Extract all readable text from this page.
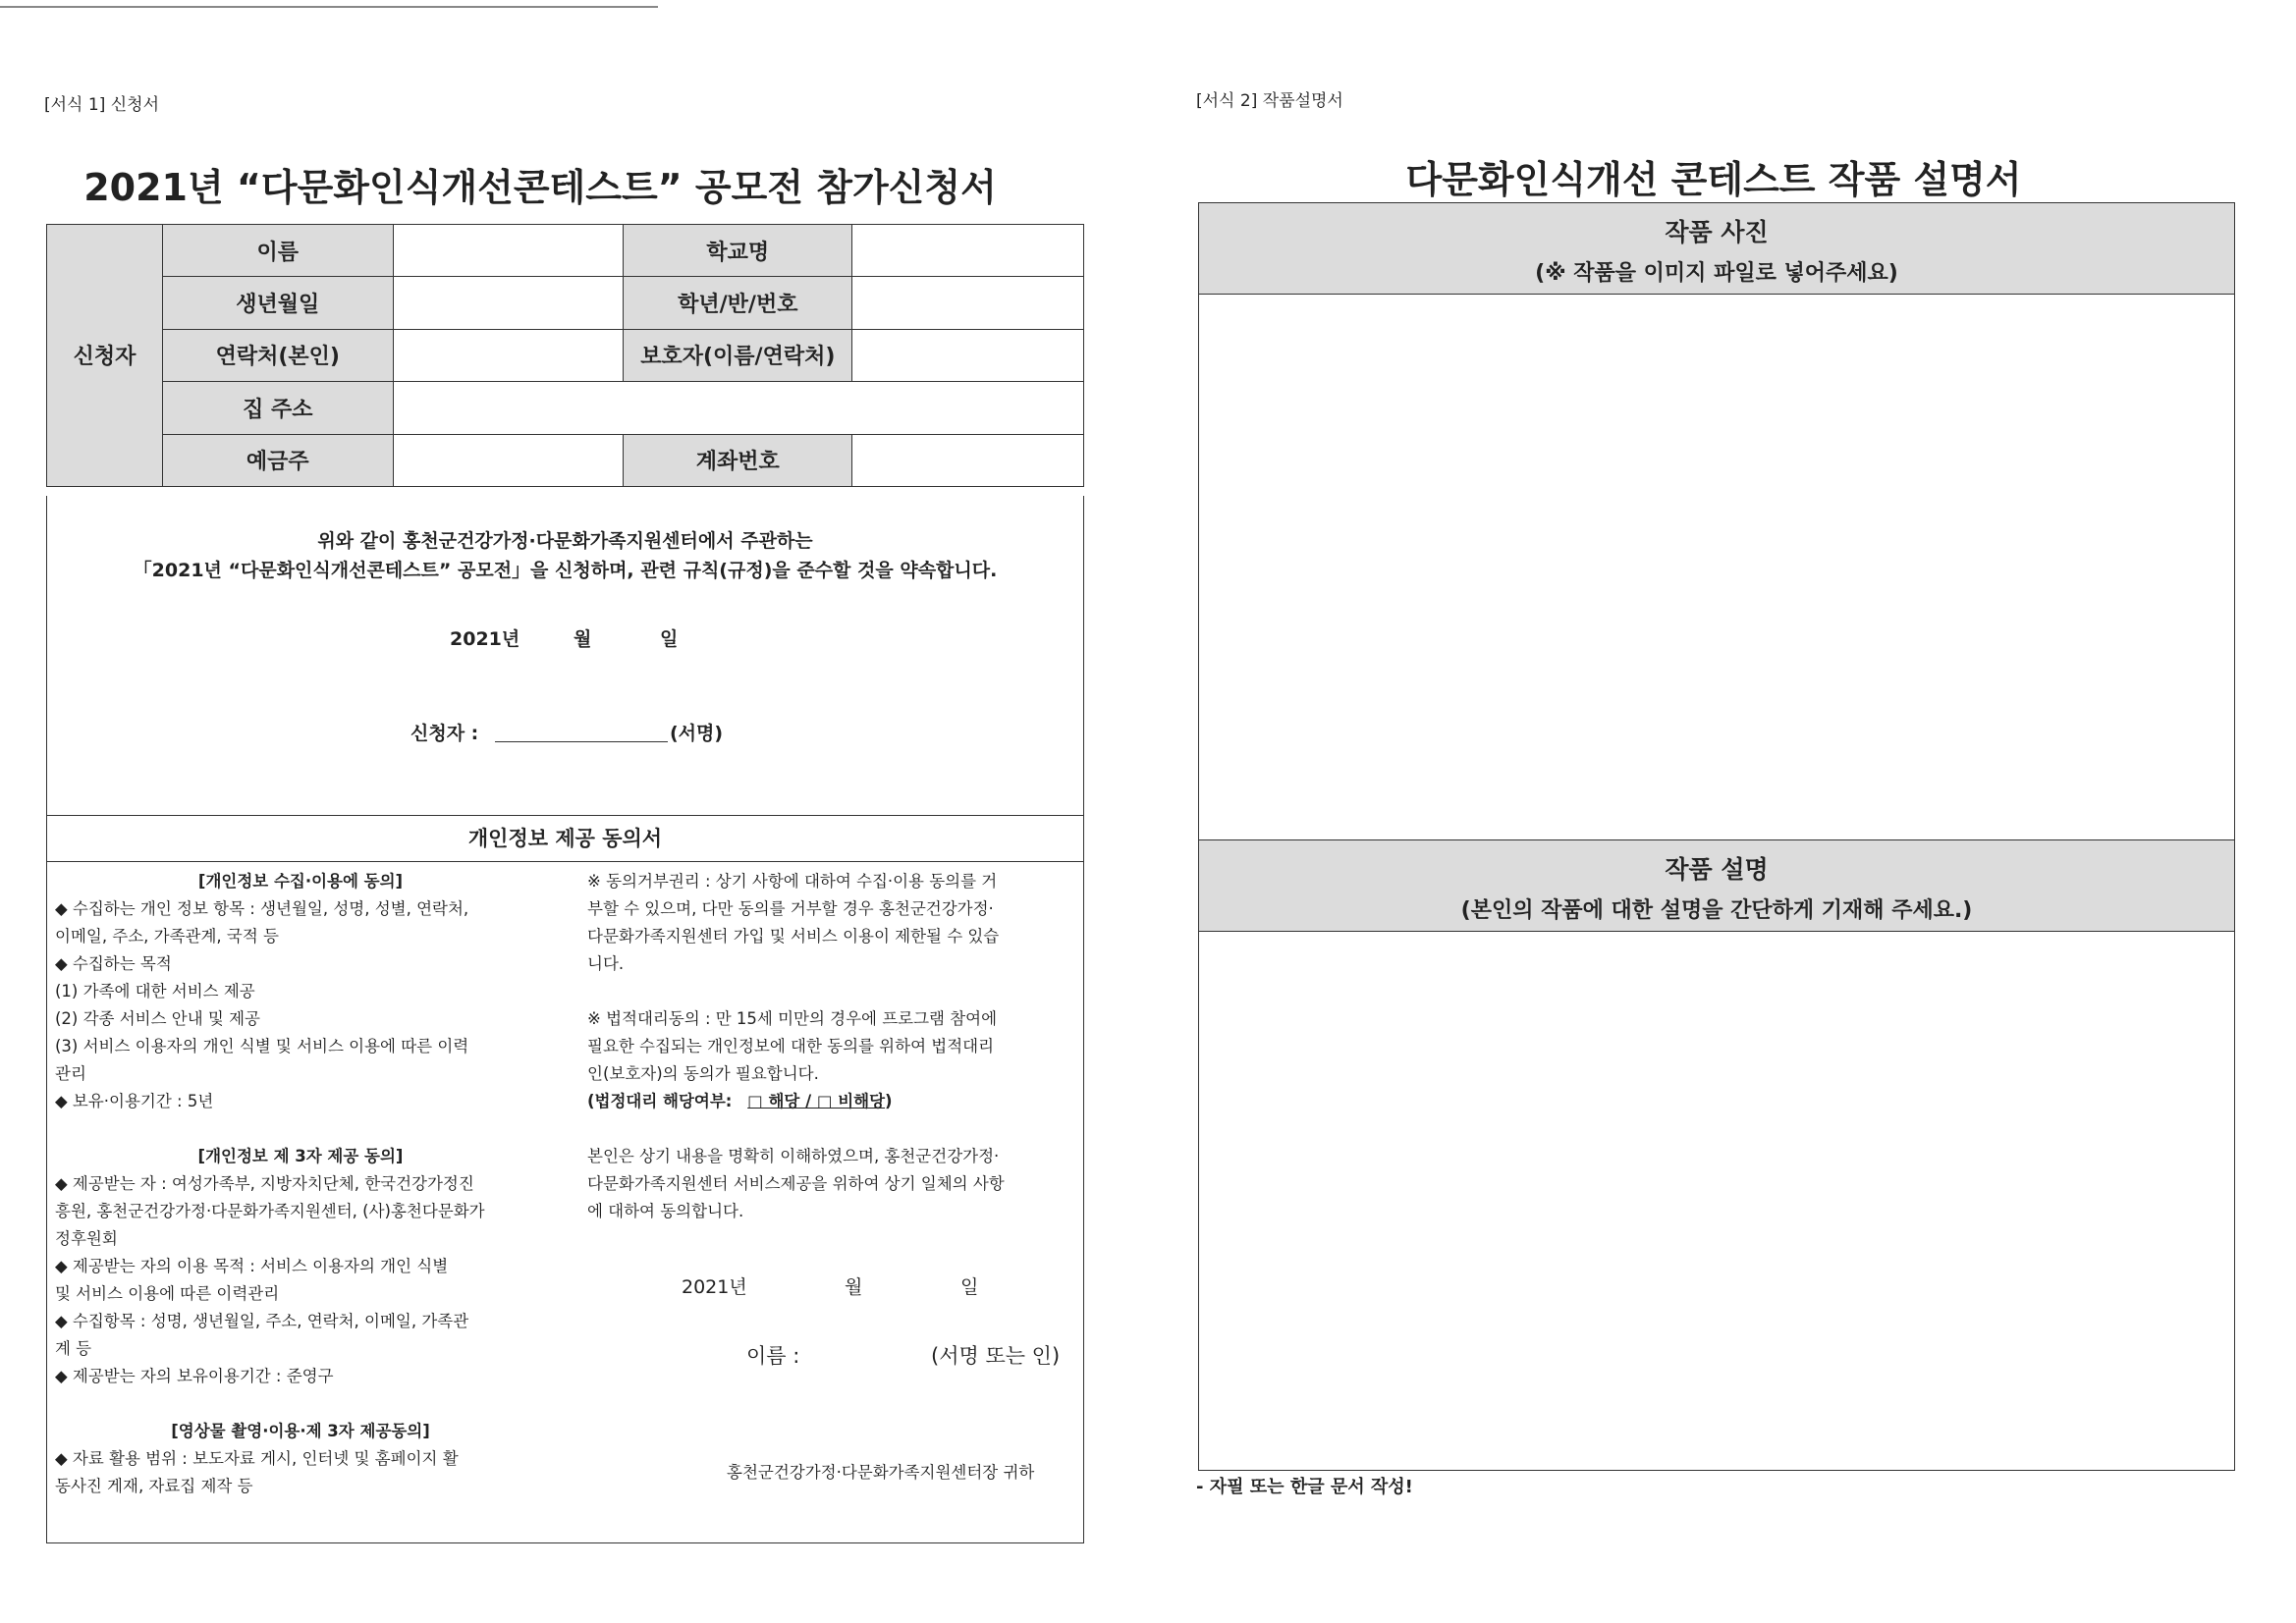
[서식 1] 신청서
2021년 “다문화인식개선콘테스트” 공모전 참가신청서
신청자	이름		학교명	
	생년월일		학년/반/번호	
	연락처(본인)		보호자(이름/연락처)	
	집 주소			
	예금주		계좌번호	
위와 같이 홍천군건강가정·다문화가족지원센터에서 주관하는
「2021년 “다문화인식개선콘테스트” 공모전」을 신청하며, 관련 규칙(규정)을 준수할 것을 약속합니다.
2021년	월	일
신청자 :	(서명)
개인정보 제공 동의서

[개인정보 수집·이용에 동의]

◆ 수집하는 개인 정보 항목 : 생년월일, 성명, 성별, 연락처,

이메일, 주소, 가족관계, 국적 등

◆ 수집하는 목적

(1) 가족에 대한 서비스 제공

(2) 각종 서비스 안내 및 제공

(3) 서비스 이용자의 개인 식별 및 서비스 이용에 따른 이력

관리

◆ 보유·이용기간 : 5년

[개인정보 제 3자 제공 동의]

◆ 제공받는 자 : 여성가족부, 지방자치단체, 한국건강가정진

흥원, 홍천군건강가정·다문화가족지원센터, (사)홍천다문화가

정후원회

◆ 제공받는 자의 이용 목적 : 서비스 이용자의 개인 식별

및 서비스 이용에 따른 이력관리

◆ 수집항목 : 성명, 생년월일, 주소, 연락처, 이메일, 가족관

계 등

◆ 제공받는 자의 보유이용기간 : 준영구

[영상물 촬영·이용·제 3자 제공동의]

◆ 자료 활용 범위 : 보도자료 게시, 인터넷 및 홈페이지 활

동사진 게재, 자료집 제작 등

※ 동의거부권리 : 상기 사항에 대하여 수집·이용 동의를 거

부할 수 있으며, 다만 동의를 거부할 경우 홍천군건강가정·

다문화가족지원센터 가입 및 서비스 이용이 제한될 수 있습

니다.

※ 법적대리동의 : 만 15세 미만의 경우에 프로그램 참여에

필요한 수집되는 개인정보에 대한 동의를 위하여 법적대리

인(보호자)의 동의가 필요합니다.

(법정대리 해당여부: □ 해당 / □ 비해당)

본인은 상기 내용을 명확히 이해하였으며, 홍천군건강가정·

다문화가족지원센터 서비스제공을 위하여 상기 일체의 사항

에 대하여 동의합니다.

2021년	월	일
이름 :	(서명 또는 인)
홍천군건강가정·다문화가족지원센터장 귀하
[서식 2] 작품설명서
다문화인식개선 콘테스트 작품 설명서
작품 사진
(※ 작품을 이미지 파일로 넣어주세요)
작품 설명
(본인의 작품에 대한 설명을 간단하게 기재해 주세요.)
- 자필 또는 한글 문서 작성!
